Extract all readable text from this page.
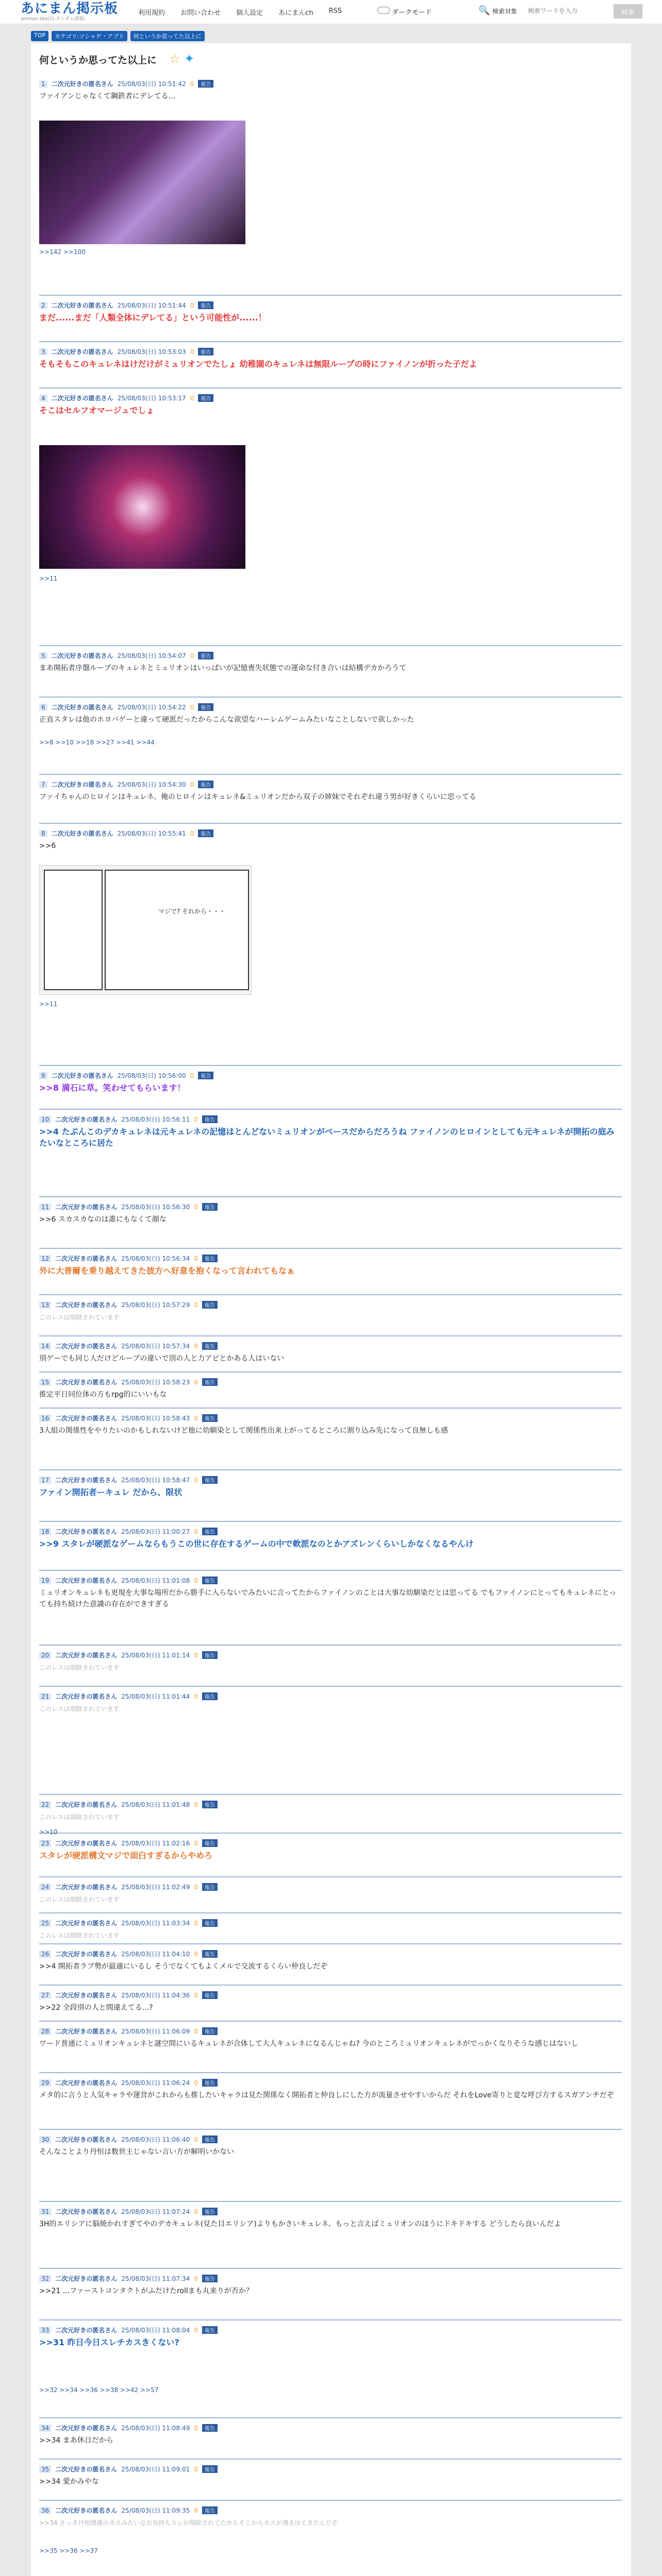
あにまん掲示板
animan bbs(旧:ガンダム速報)
利用規約 お問い合わせ 個人設定 あにまんch RSS	ダークモード	🔍 検索対象
検索ワードを入力	検索
TOP	カテゴリ:ソシャゲ・アプリ	何というか思ってた以上に
何というか思ってた以上に ☆ ✦
1 二次元好きの匿名さん 25/08/03(日) 10:51:42 0 報告
ファイアンじゃなくて鋼鉄者にデレてる...
2 二次元好きの匿名さん 25/08/03(日) 10:51:44 0 報告
まだ......まだ「人類全体にデレてる」という可能性が......！
3 二次元好きの匿名さん 25/08/03(日) 10:53:03 0 報告
そもそもこのキュレネはけだけがミュリオンでたしょ 幼稚園のキュレネは無限ループの時にファイノンが折った子だよ
4 二次元好きの匿名さん 25/08/03(日) 10:53:17 0 報告
そこはセルフオマージュでしょ
5 二次元好きの匿名さん 25/08/03(日) 10:54:07 0 報告
まあ開拓者序盤ループのキュレネとミュリオンはいっぱいが記憶喪失状態での運命な付き合いは結構デカかろうて
6 二次元好きの匿名さん 25/08/03(日) 10:54:22 0 報告
正直スタレは他のホヨバゲーと違って硬派だったからこんな欲望なハーレムゲームみたいなことしないで欲しかった
7 二次元好きの匿名さん 25/08/03(日) 10:54:30 0 報告
ファイちゃんのヒロインはキュレネ、俺のヒロインはキュレネ&ミュリオンだから双子の姉妹でそれぞれ違う男が好きくらいに思ってる
8 二次元好きの匿名さん 25/08/03(日) 10:55:41 0 報告
>>6
9 二次元好きの匿名さん 25/08/03(日) 10:56:00 0 報告
>>8 満石に草。笑わせてもらいます！
10 二次元好きの匿名さん 25/08/03(日) 10:56:11 0 報告
>>4 たぶんこのデカキュレネは元キュレネの記憶はとんどないミュリオンがベースだからだろうね ファイノンのヒロインとしても元キュレネが開拓の庭みたいなところに居た
11 二次元好きの匿名さん 25/08/03(日) 10:56:30 0 報告
>>6 スカスカなのは誰にもなくて顔な
12 二次元好きの匿名さん 25/08/03(日) 10:56:34 0 報告
外に大普爾を乗り越えてきた彼方へ好意を抱くなって言われてもなぁ
13 二次元好きの匿名さん 25/08/03(日) 10:57:29 0 報告
このレスは削除されています
14 二次元好きの匿名さん 25/08/03(日) 10:57:34 0 報告
別ゲーでも同じ人だけどループの違いで別の人と力アピとかある人はいない
15 二次元好きの匿名さん 25/08/03(日) 10:58:23 0 報告
推定平日同位体の方もrpg的にいいもな
16 二次元好きの匿名さん 25/08/03(日) 10:58:43 0 報告
3人組の関係性をやりたいのかもしれないけど他に幼馴染として関係性出来上がってるところに割り込み先になって良無しも感
17 二次元好きの匿名さん 25/08/03(日) 10:58:47 0 報告
ファイン開拓者ーキュレ だから、限状
18 二次元好きの匿名さん 25/08/03(日) 11:00:27 0 報告
>>9 スタレが硬派なゲームならもうこの世に存在するゲームの中で軟派なのとかアズレンくらいしかなくなるやんけ
19 二次元好きの匿名さん 25/08/03(日) 11:01:08 0 報告
ミュリオンキュレネも更現を大事な場所だから勝手に入らないでみたいに言ってたからファイノンのことは大事な幼馴染だとは思ってる でもファイノンにとってもキュレネにとっても持ち続けた意識の存在ができすぎる
20 二次元好きの匿名さん 25/08/03(日) 11:01:14 0 報告
このレスは削除されています
21 二次元好きの匿名さん 25/08/03(日) 11:01:44 0 報告
このレスは削除されています
22 二次元好きの匿名さん 25/08/03(日) 11:01:48 0 報告
このレスは削除されています
23 二次元好きの匿名さん 25/08/03(日) 11:02:16 0 報告
スタレが硬派構文マジで面白すぎるからやめろ
24 二次元好きの匿名さん 25/08/03(日) 11:02:49 0 報告
このレスは削除されています
25 二次元好きの匿名さん 25/08/03(日) 11:03:34 0 報告
このレスは削除されています
26 二次元好きの匿名さん 25/08/03(日) 11:04:10 0 報告
>>4 開拓者ラブ勢が最適にいるし そうでなくてもよくメルで交流するくらい仲良しだぞ
27 二次元好きの匿名さん 25/08/03(日) 11:04:36 0 報告
>>22 全段別の人と間違えてる...?
28 二次元好きの匿名さん 25/08/03(日) 11:06:09 0 報告
ワード普通にミュリオンキュレネと謎空間にいるキュレネが合体して大人キュレネになるんじゃね? 今のところミュリオンキュレネがでっかくなりそうな感じはないし
29 二次元好きの匿名さん 25/08/03(日) 11:06:24 0 報告
メタ的に言うと人気キャラや運営がこれからも推したいキャラは見た関係なく開拓者と仲良しにした方が流量させやすいからだ それをLove寄りと変な呼び方するスガアンチだぞ
30 二次元好きの匿名さん 25/08/03(日) 11:06:40 0 報告
そんなことより丹恒は数世主じゃない言い方が解明いかない
31 二次元好きの匿名さん 25/08/03(日) 11:07:24 0 報告
3H的エリシアに脳焼かれすぎてやのデカキュレネ(見た目エリシア)よりもかさいキュレネ、もっと言えばミュリオンのほうにドキドキする どうしたら良いんだよ
32 二次元好きの匿名さん 25/08/03(日) 11:07:34 0 報告
>>21 ...ファーストコンタクトがふだけたrollまも丸来りが否か？
33 二次元好きの匿名さん 25/08/03(日) 11:08:04 0 報告
>>31 昨日今日スレチカスきくない?
34 二次元好きの匿名さん 25/08/03(日) 11:08:49 0 報告
>>34 まあ休日だから
35 二次元好きの匿名さん 25/08/03(日) 11:09:01 0 報告
>>34 愛かみやな
36 二次元好きの匿名さん 25/08/03(日) 11:09:35 0 報告
>>34 さっき丹恒関連のカスみたいなお気持ちスレが削除されてたからそこからカスが湧き出てきたんだぞ
マジで? それから・・・
>>142 >>100
>>11
>>8 >>10 >>18 >>27 >>41 >>44
>>11
>>10
>>32 >>34 >>36 >>38 >>42 >>57
>>35 >>36 >>37
